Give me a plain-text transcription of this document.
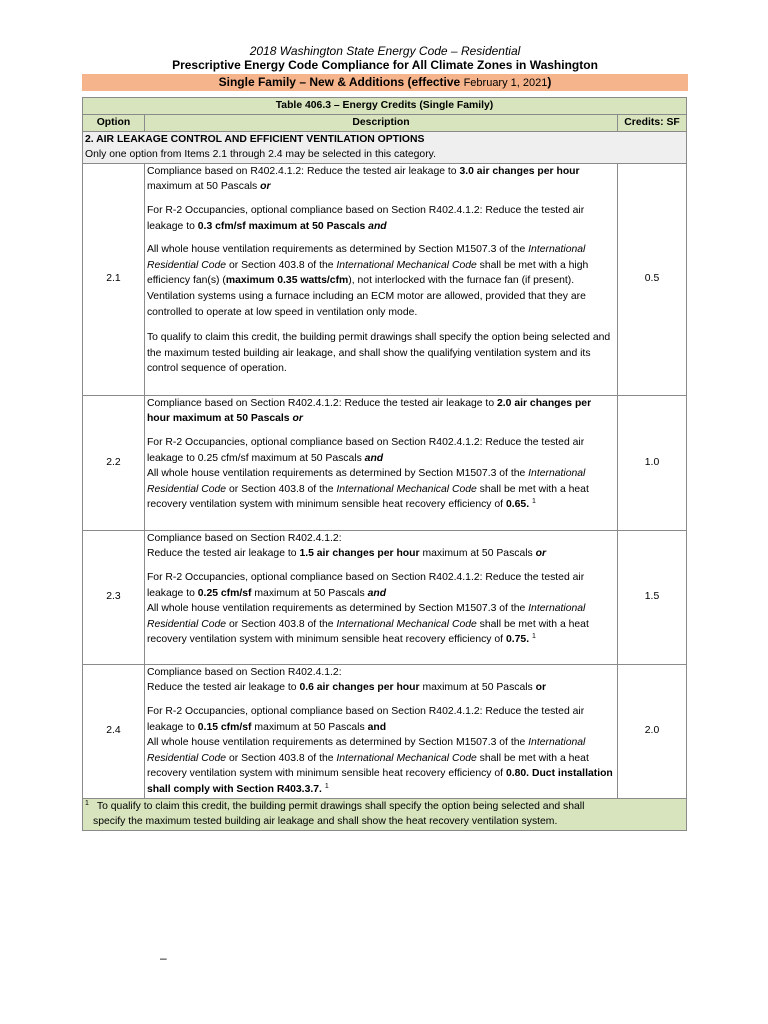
2018 Washington State Energy Code – Residential
Prescriptive Energy Code Compliance for All Climate Zones in Washington
Single Family – New & Additions (effective February 1, 2021)
Table 406.3 – Energy Credits (Single Family)		
Option	Description	Credits: SF

2. AIR LEAKAGE CONTROL AND EFFICIENT VENTILATION OPTIONS
Only one option from Items 2.1 through 2.4 may be selected in this category.		
2.1	Compliance based on R402.4.1.2: Reduce the tested air leakage to 3.0 air changes per hour maximum at 50 Pascals or

For R-2 Occupancies, optional compliance based on Section R402.4.1.2: Reduce the tested air leakage to 0.3 cfm/sf maximum at 50 Pascals and

All whole house ventilation requirements as determined by Section M1507.3 of the International Residential Code or Section 403.8 of the International Mechanical Code shall be met with a high efficiency fan(s) (maximum 0.35 watts/cfm), not interlocked with the furnace fan (if present). Ventilation systems using a furnace including an ECM motor are allowed, provided that they are controlled to operate at low speed in ventilation only mode.

To qualify to claim this credit, the building permit drawings shall specify the option being selected and the maximum tested building air leakage, and shall show the qualifying ventilation system and its control sequence of operation.	0.5
2.2	Compliance based on Section R402.4.1.2: Reduce the tested air leakage to 2.0 air changes per hour maximum at 50 Pascals or

For R-2 Occupancies, optional compliance based on Section R402.4.1.2: Reduce the tested air leakage to 0.25 cfm/sf maximum at 50 Pascals and
All whole house ventilation requirements as determined by Section M1507.3 of the International Residential Code or Section 403.8 of the International Mechanical Code shall be met with a heat recovery ventilation system with minimum sensible heat recovery efficiency of 0.65. $^1$	1.0
2.3	Compliance based on Section R402.4.1.2:
Reduce the tested air leakage to 1.5 air changes per hour maximum at 50 Pascals or

For R-2 Occupancies, optional compliance based on Section R402.4.1.2: Reduce the tested air leakage to 0.25 cfm/sf maximum at 50 Pascals and
All whole house ventilation requirements as determined by Section M1507.3 of the International Residential Code or Section 403.8 of the International Mechanical Code shall be met with a heat recovery ventilation system with minimum sensible heat recovery efficiency of 0.75. $^1$	1.5
2.4	Compliance based on Section R402.4.1.2:
Reduce the tested air leakage to 0.6 air changes per hour maximum at 50 Pascals or

For R-2 Occupancies, optional compliance based on Section R402.4.1.2: Reduce the tested air leakage to 0.15 cfm/sf maximum at 50 Pascals and
All whole house ventilation requirements as determined by Section M1507.3 of the International Residential Code or Section 403.8 of the International Mechanical Code shall be met with a heat recovery ventilation system with minimum sensible heat recovery efficiency of 0.80. Duct installation shall comply with Section R403.3.7. $^1$	2.0
$^1$ To qualify to claim this credit, the building permit drawings shall specify the option being selected and shall
specify the maximum tested building air leakage and shall show the heat recovery ventilation system.		
–
